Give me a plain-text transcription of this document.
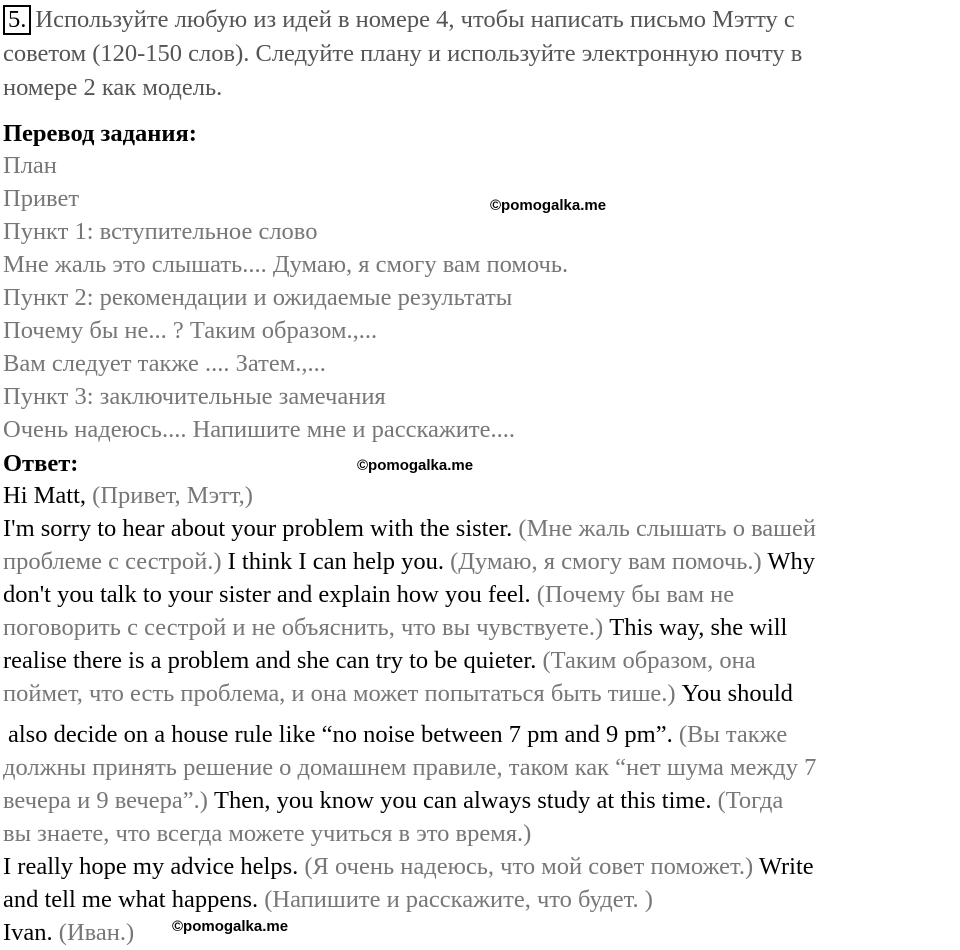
5. Используйте любую из идей в номере 4, чтобы написать письмо Мэтту с
советом (120-150 слов). Следуйте плану и используйте электронную почту в
номере 2 как модель.
Перевод задания:
План
Привет
Пункт 1: вступительное слово
Мне жаль это слышать.... Думаю, я смогу вам помочь.
Пункт 2: рекомендации и ожидаемые результаты
Почему бы не... ? Таким образом.,...
Вам следует также .... Затем.,...
Пункт 3: заключительные замечания
Очень надеюсь.... Напишите мне и расскажите....
Ответ:
Hi Matt, (Привет, Мэтт,)
I'm sorry to hear about your problem with the sister. (Мне жаль слышать о вашей
проблеме с сестрой.) I think I can help you. (Думаю, я смогу вам помочь.) Why
don't you talk to your sister and explain how you feel. (Почему бы вам не
поговорить с сестрой и не объяснить, что вы чувствуете.) This way, she will
realise there is a problem and she can try to be quieter. (Таким образом, она
поймет, что есть проблема, и она может попытаться быть тише.) You should
also decide on a house rule like “no noise between 7 pm and 9 pm”. (Вы также
должны принять решение о домашнем правиле, таком как “нет шума между 7
вечера и 9 вечера”.) Then, you know you can always study at this time. (Тогда
вы знаете, что всегда можете учиться в это время.)
I really hope my advice helps. (Я очень надеюсь, что мой совет поможет.) Write
and tell me what happens. (Напишите и расскажите, что будет. )
Ivan. (Иван.)
©pomogalka.me
©pomogalka.me
©pomogalka.me
